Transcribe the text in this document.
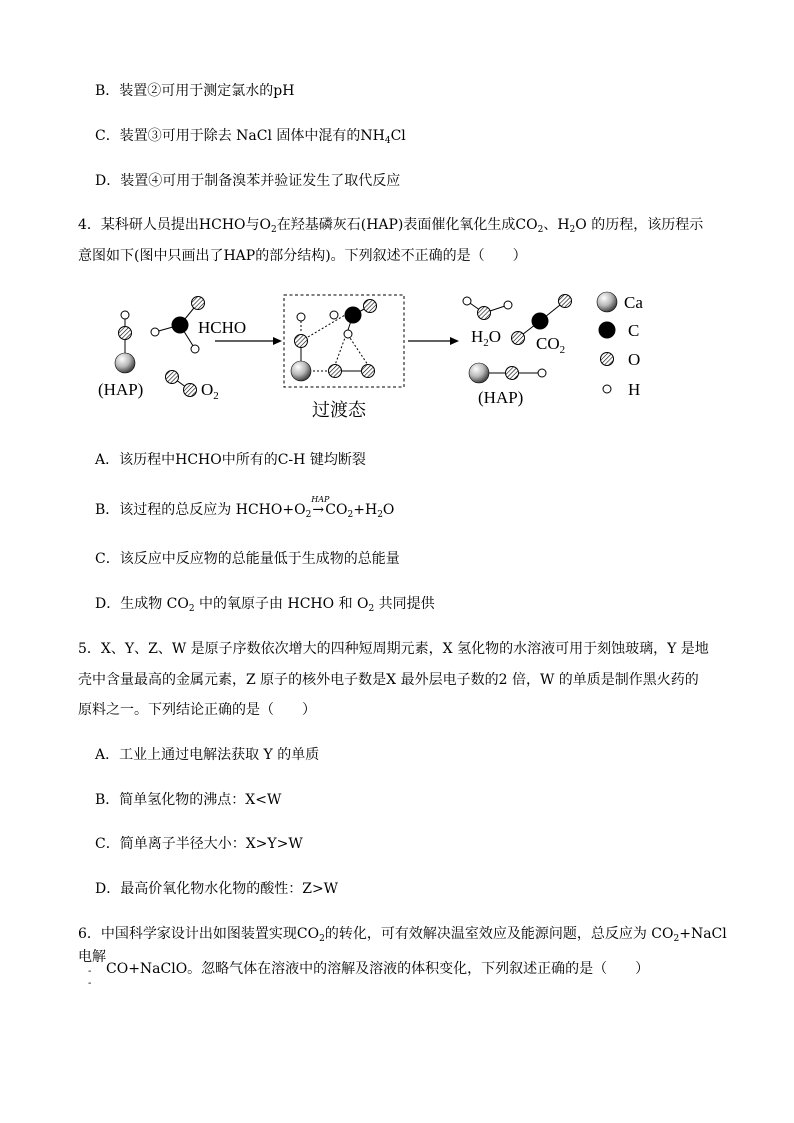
B．装置②可用于测定氯水的pH
C．装置③可用于除去 NaCl 固体中混有的$NH_4Cl$
D．装置④可用于制备溴苯并验证发生了取代反应
4．某科研人员提出HCHO与$O_2$在羟基磷灰石(HAP)表面催化氧化生成$CO_2$、$H_2O$ 的历程，该历程示
意图如下(图中只画出了HAP的部分结构)。下列叙述不正确的是（　　）
(HAP)
HCHO
$O_2$
过渡态
$H_2O$ $CO_2$
(HAP)
Ca
C
O
H
A．该历程中HCHO中所有的C-H 键均断裂
B．该过程的总反应为 $HCHO+O_2$
HAP
$\to CO_2+H_2O$
C．该反应中反应物的总能量低于生成物的总能量
D．生成物 $CO_2$ 中的氧原子由 HCHO 和 $O_2$ 共同提供
5．X、Y、Z、W 是原子序数依次增大的四种短周期元素，X 氢化物的水溶液可用于刻蚀玻璃，Y 是地
壳中含量最高的金属元素，Z 原子的核外电子数是X 最外层电子数的2 倍，W 的单质是制作黑火药的
原料之一。下列结论正确的是（　　）
A．工业上通过电解法获取 Y 的单质
B．简单氢化物的沸点：X<W
C．简单离子半径大小：X>Y>W
D．最高价氧化物水化物的酸性：Z>W
6．中国科学家设计出如图装置实现$CO_2$的转化，可有效解决温室效应及能源问题，总反应为 $CO_2+NaCl$
电解
CO+NaClO。忽略气体在溶液中的溶解及溶液的体积变化，下列叙述正确的是（　　）
-
-
